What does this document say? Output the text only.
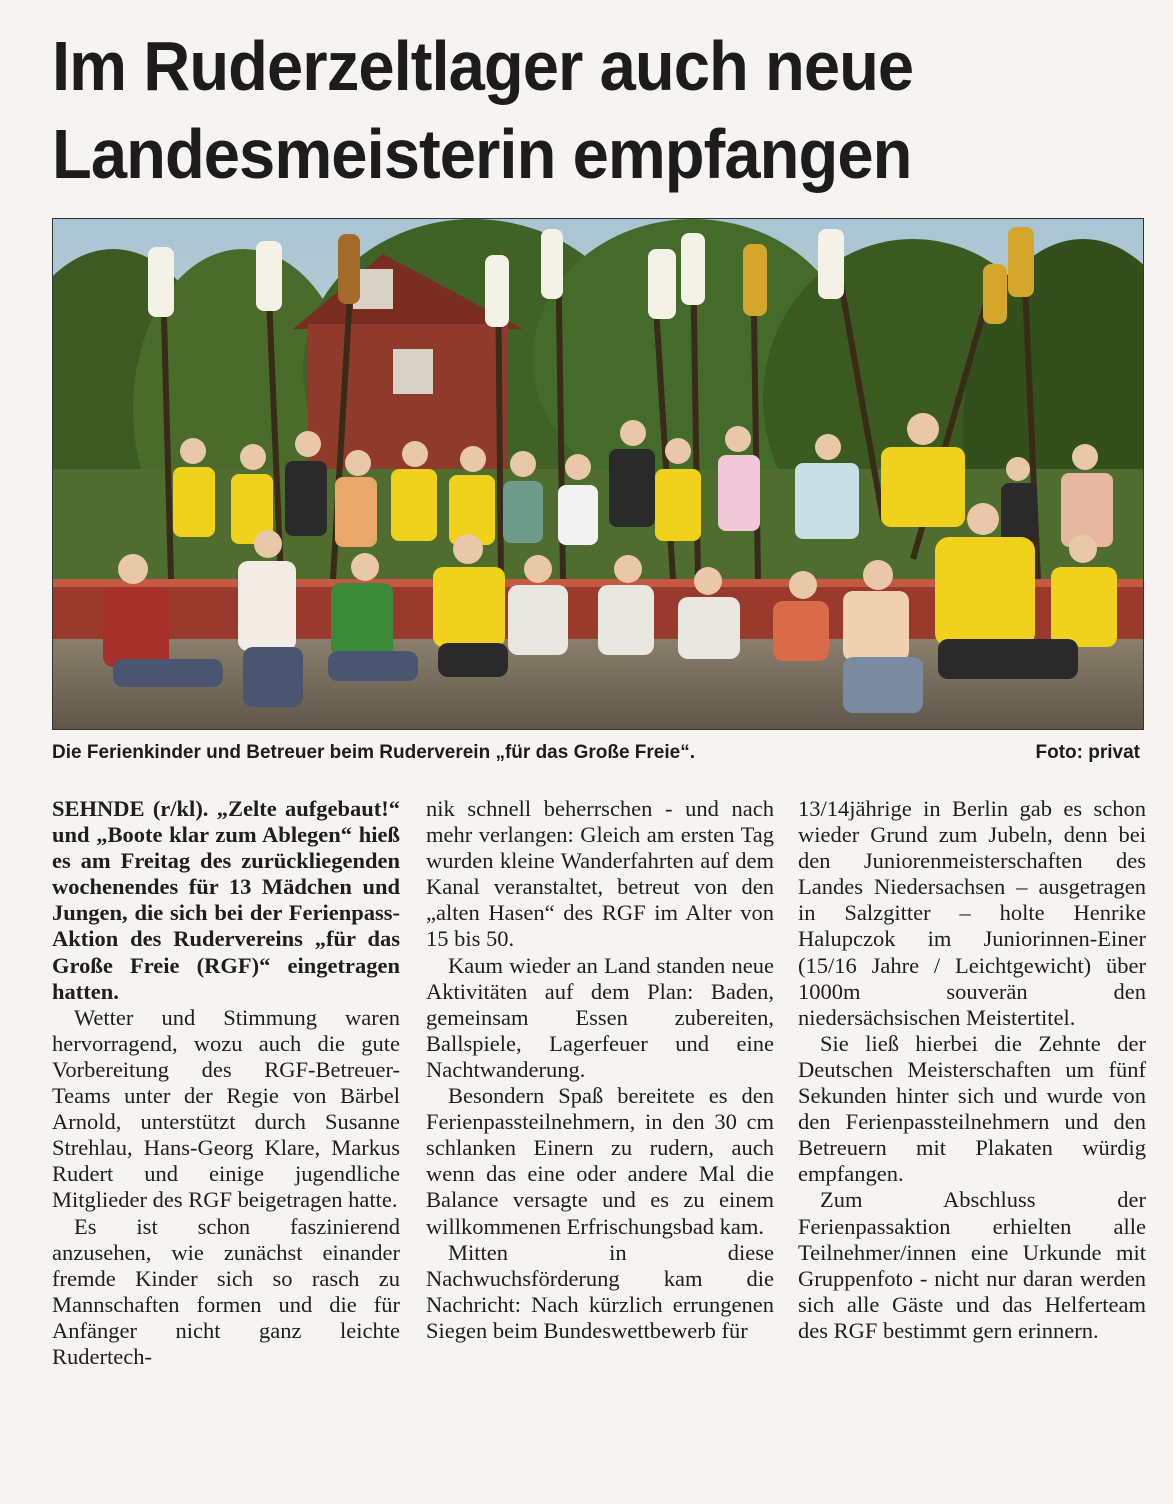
Im Ruderzeltlager auch neue
Landesmeisterin empfangen
Die Ferienkinder und Betreuer beim Ruderverein „für das Große Freie“.	Foto: privat

SEHNDE (r/kl). „Zelte aufgebaut!“ und „Boote klar zum Ablegen“ hieß es am Freitag des zurückliegenden wochenendes für 13 Mädchen und Jungen, die sich bei der Ferienpass-Aktion des Rudervereins „für das Große Freie (RGF)“ eingetragen hatten.

Wetter und Stimmung waren hervorragend, wozu auch die gute Vorbereitung des RGF-Betreuer-Teams unter der Regie von Bärbel Arnold, unterstützt durch Susanne Strehlau, Hans-Georg Klare, Markus Rudert und einige jugendliche Mitglieder des RGF beigetragen hatte.

Es ist schon faszinierend anzusehen, wie zunächst einander fremde Kinder sich so rasch zu Mannschaften formen und die für Anfänger nicht ganz leichte Rudertech-

nik schnell beherrschen - und nach mehr verlangen: Gleich am ersten Tag wurden kleine Wanderfahrten auf dem Kanal veranstaltet, betreut von den „alten Hasen“ des RGF im Alter von 15 bis 50.

Kaum wieder an Land standen neue Aktivitäten auf dem Plan: Baden, gemeinsam Essen zubereiten, Ballspiele, Lagerfeuer und eine Nachtwanderung.

Besondern Spaß bereitete es den Ferienpassteilnehmern, in den 30 cm schlanken Einern zu rudern, auch wenn das eine oder andere Mal die Balance versagte und es zu einem willkommenen Erfrischungsbad kam.

Mitten in diese Nachwuchsförderung kam die Nachricht: Nach kürzlich errungenen Siegen beim Bundeswettbewerb für

13/14jährige in Berlin gab es schon wieder Grund zum Jubeln, denn bei den Juniorenmeisterschaften des Landes Niedersachsen – ausgetragen in Salzgitter – holte Henrike Halupczok im Juniorinnen-Einer (15/16 Jahre / Leichtgewicht) über 1000m souverän den niedersächsischen Meistertitel.

Sie ließ hierbei die Zehnte der Deutschen Meisterschaften um fünf Sekunden hinter sich und wurde von den Ferienpassteilnehmern und den Betreuern mit Plakaten würdig empfangen.

Zum Abschluss der Ferienpassaktion erhielten alle Teilnehmer/innen eine Urkunde mit Gruppenfoto - nicht nur daran werden sich alle Gäste und das Helferteam des RGF bestimmt gern erinnern.
